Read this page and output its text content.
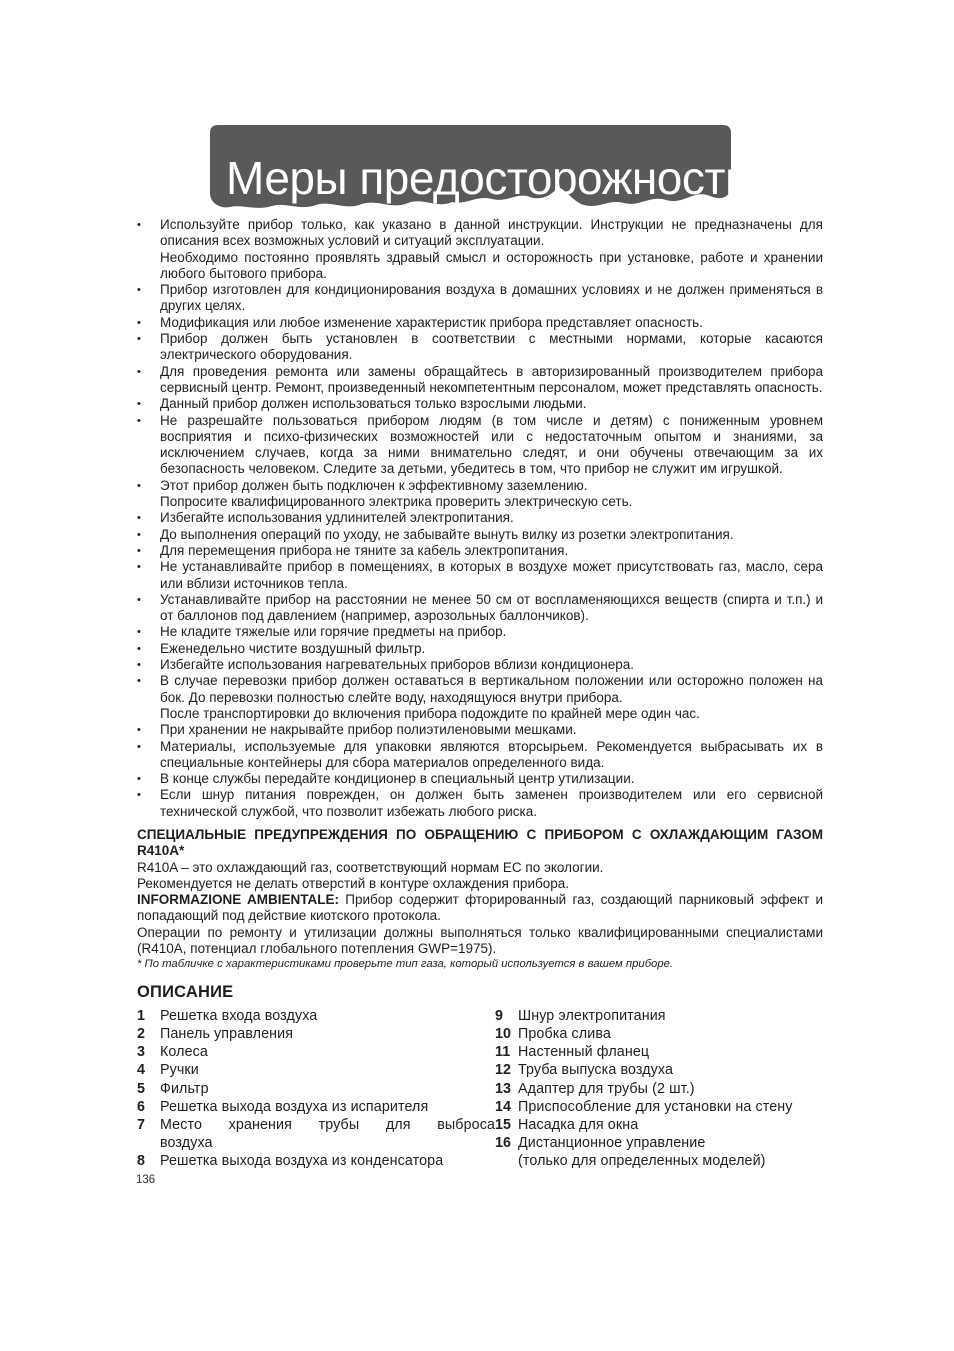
Меры предосторожности
•	Используйте прибор только, как указано в данной инструкции. Инструкции не предназначены для описания всех возможных условий и ситуаций эксплуатации.
Необходимо постоянно проявлять здравый смысл и осторожность при установке, работе и хранении любого бытового прибора.
•	Прибор изготовлен для кондиционирования воздуха в домашних условиях и не должен применяться в других целях.
•	Модификация или любое изменение характеристик прибора представляет опасность.
•	Прибор должен быть установлен в соответствии с местными нормами, которые касаются электрического оборудования.
•	Для проведения ремонта или замены обращайтесь в авторизированный производителем прибора сервисный центр. Ремонт, произведенный некомпетентным персоналом, может представлять опасность.
•	Данный прибор должен использоваться только взрослыми людьми.
•	Не разрешайте пользоваться прибором людям (в том числе и детям) с пониженным уровнем восприятия и психо-физических возможностей или с недостаточным опытом и знаниями, за исключением случаев, когда за ними внимательно следят, и они обучены отвечающим за их безопасность человеком. Следите за детьми, убедитесь в том, что прибор не служит им игрушкой.
•	Этот прибор должен быть подключен к эффективному заземлению.
Попросите квалифицированного электрика проверить электрическую сеть.
•	Избегайте использования удлинителей электропитания.
•	До выполнения операций по уходу, не забывайте вынуть вилку из розетки электропитания.
•	Для перемещения прибора не тяните за кабель электропитания.
•	Не устанавливайте прибор в помещениях, в которых в воздухе может присутствовать газ, масло, сера или вблизи источников тепла.
•	Устанавливайте прибор на расстоянии не менее 50 см от воспламеняющихся веществ (спирта и т.п.) и от баллонов под давлением (например, аэрозольных баллончиков).
•	Не кладите тяжелые или горячие предметы на прибор.
•	Еженедельно чистите воздушный фильтр.
•	Избегайте использования нагревательных приборов вблизи кондиционера.
•	В случае перевозки прибор должен оставаться в вертикальном положении или осторожно положен на бок. До перевозки полностью слейте воду, находящуюся внутри прибора.
После транспортировки до включения прибора подождите по крайней мере один час.
•	При хранении не накрывайте прибор полиэтиленовыми мешками.
•	Материалы, используемые для упаковки являются вторсырьем. Рекомендуется выбрасывать их в специальные контейнеры для сбора материалов определенного вида.
•	В конце службы передайте кондиционер в специальный центр утилизации.
•	Если шнур питания поврежден, он должен быть заменен производителем или его сервисной технической службой, что позволит избежать любого риска.

СПЕЦИАЛЬНЫЕ ПРЕДУПРЕЖДЕНИЯ ПО ОБРАЩЕНИЮ С ПРИБОРОМ С ОХЛАЖДАЮЩИМ ГАЗОМ R410A*

R410A – это охлаждающий газ, соответствующий нормам ЕС по экологии.

Рекомендуется не делать отверстий в контуре охлаждения прибора.

INFORMAZIONE AMBIENTALE: Прибор содержит фторированный газ, создающий парниковый эффект и попадающий под действие киотского протокола.

Операции по ремонту и утилизации должны выполняться только квалифицированными специалистами (R410A, потенциал глобального потепления GWP=1975).

* По табличке с характеристиками проверьте тип газа, который используется в вашем приборе.
ОПИСАНИЕ
1	Решетка входа воздуха
2	Панель управления
3	Колеса
4	Ручки
5	Фильтр
6	Решетка выхода воздуха из испарителя
7	Место хранения трубы для выброса
воздуха
8	Решетка выхода воздуха из конденсатора
9	Шнур электропитания
10 Пробка слива
11 Настенный фланец
12 Труба выпуска воздуха
13 Адаптер для трубы (2 шт.)
14 Приспособление для установки на стену
15 Насадка для окна
16 Дистанционное управление
(только для определенных моделей)
136
